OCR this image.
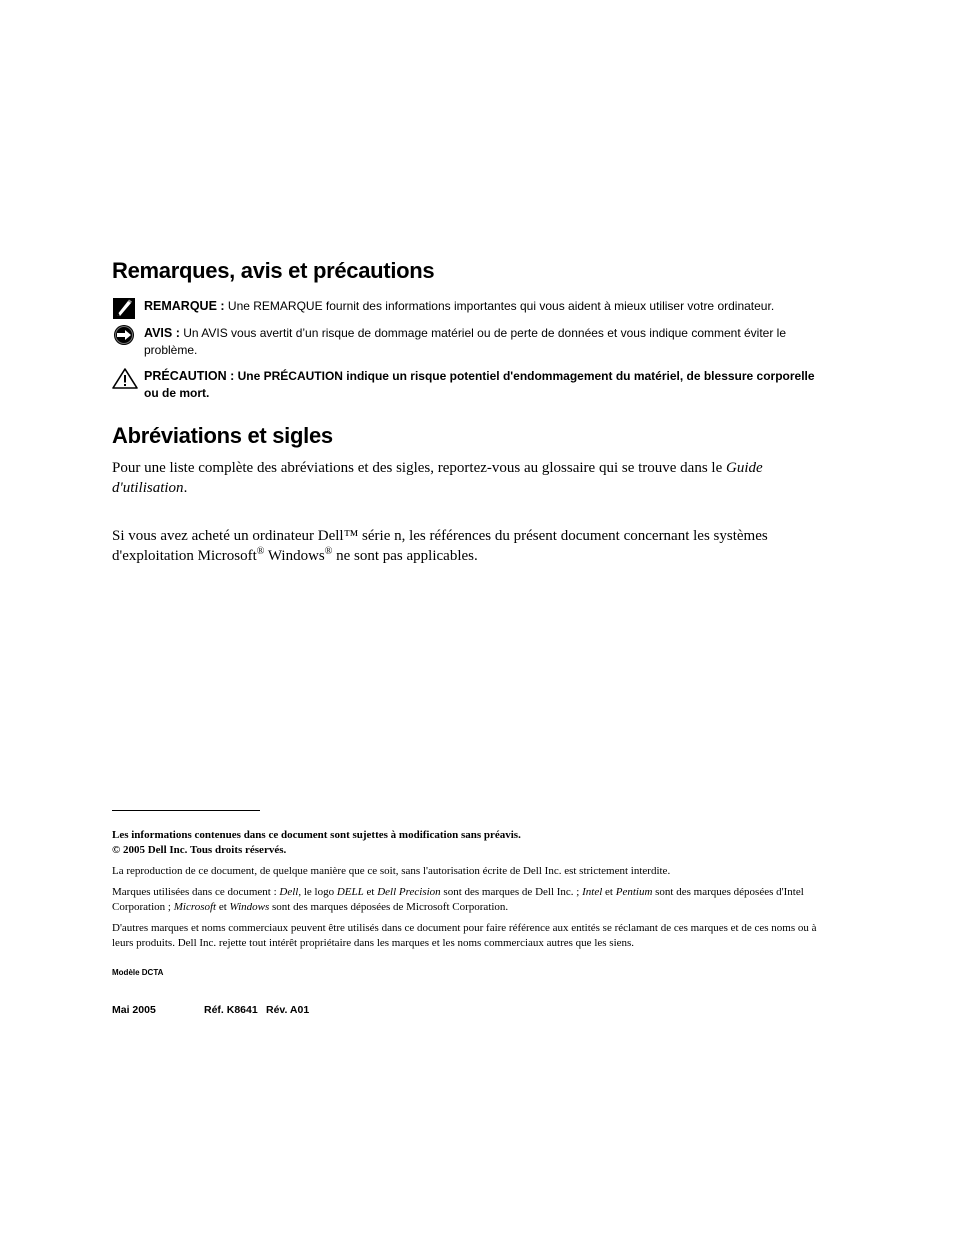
Remarques, avis et précautions
REMARQUE : Une REMARQUE fournit des informations importantes qui vous aident à mieux utiliser votre ordinateur.
AVIS : Un AVIS vous avertit d’un risque de dommage matériel ou de perte de données et vous indique comment éviter le problème.
PRÉCAUTION : Une PRÉCAUTION indique un risque potentiel d'endommagement du matériel, de blessure corporelle ou de mort.
Abréviations et sigles

Pour une liste complète des abréviations et des sigles, reportez-vous au glossaire qui se trouve dans le Guide d'utilisation.

Si vous avez acheté un ordinateur Dell™ série n, les références du présent document concernant les systèmes d'exploitation Microsoft® Windows® ne sont pas applicables.

Les informations contenues dans ce document sont sujettes à modification sans préavis.
© 2005 Dell Inc. Tous droits réservés.
La reproduction de ce document, de quelque manière que ce soit, sans l'autorisation écrite de Dell Inc. est strictement interdite.
Marques utilisées dans ce document : Dell, le logo DELL et Dell Precision sont des marques de Dell Inc. ; Intel et Pentium sont des marques déposées d'Intel Corporation ; Microsoft et Windows sont des marques déposées de Microsoft Corporation.
D'autres marques et noms commerciaux peuvent être utilisés dans ce document pour faire référence aux entités se réclamant de ces marques et de ces noms ou à leurs produits. Dell Inc. rejette tout intérêt propriétaire dans les marques et les noms commerciaux autres que les siens.
Modèle DCTA
Mai 2005	Réf. K8641 Rév. A01
